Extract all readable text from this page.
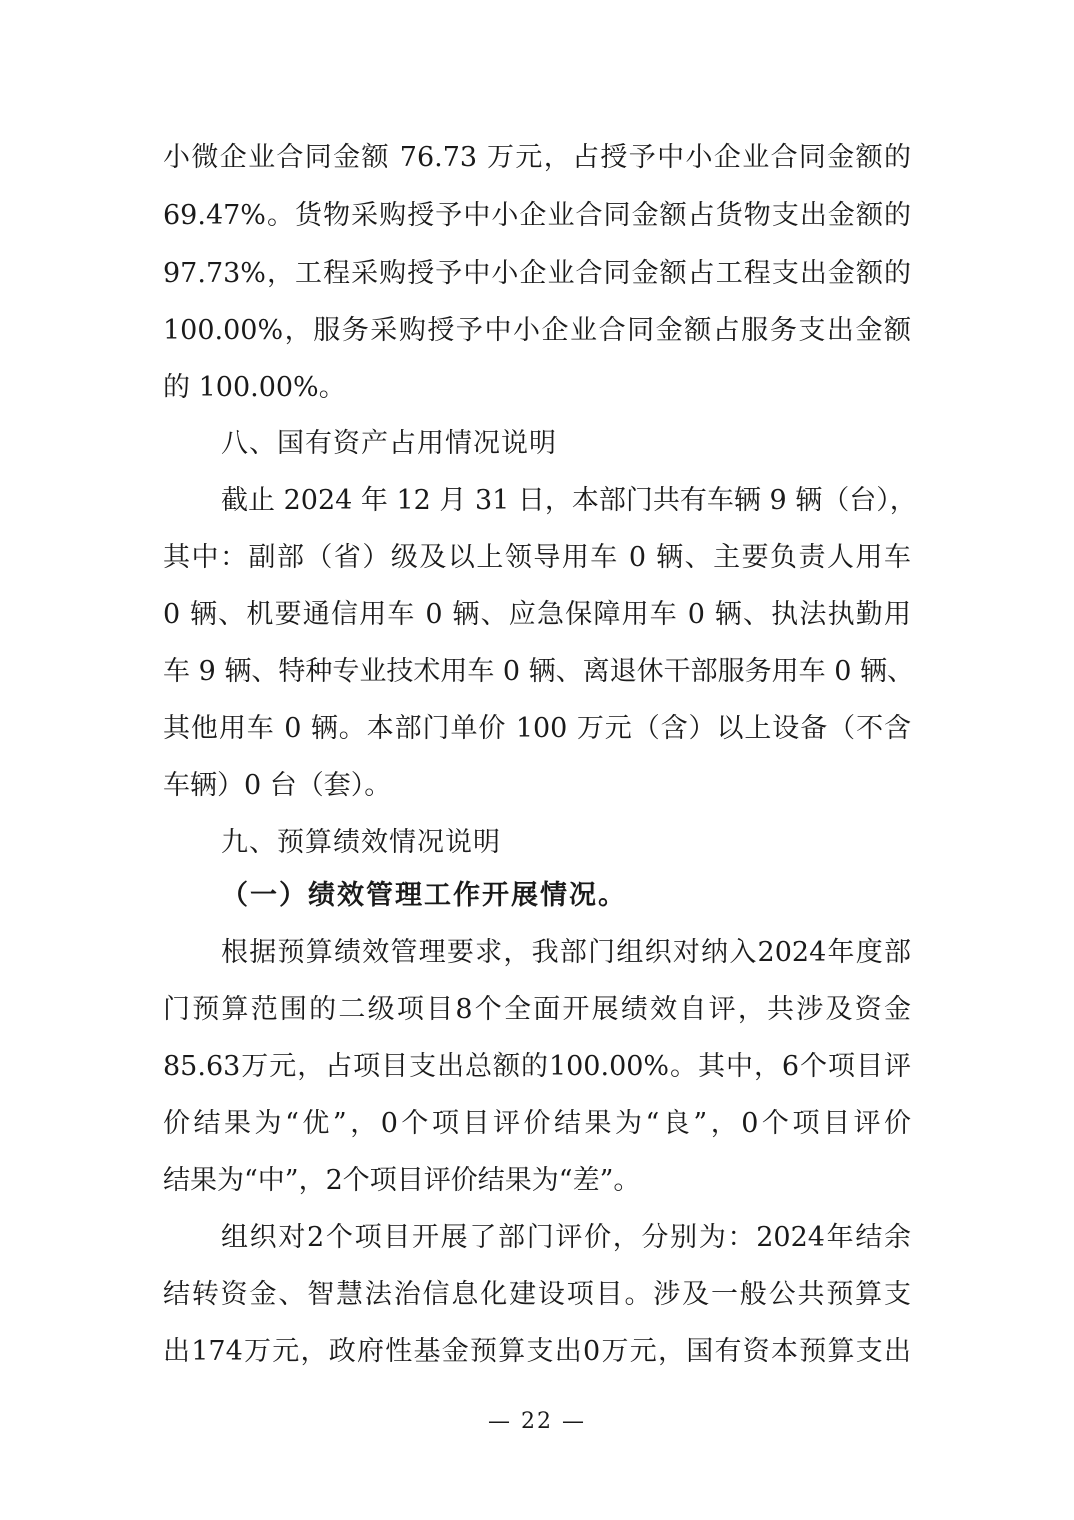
小微企业合同金额 76.73 万元，占授予中小企业合同金额的
69.47%。货物采购授予中小企业合同金额占货物支出金额的
97.73%，工程采购授予中小企业合同金额占工程支出金额的
100.00%，服务采购授予中小企业合同金额占服务支出金额
的 100.00%。
八、国有资产占用情况说明
截止 2024 年 12 月 31 日，本部门共有车辆 9 辆（台），
其中：副部（省）级及以上领导用车 0 辆、主要负责人用车
0 辆、机要通信用车 0 辆、应急保障用车 0 辆、执法执勤用
车 9 辆、特种专业技术用车 0 辆、离退休干部服务用车 0 辆、
其他用车 0 辆。本部门单价 100 万元（含）以上设备（不含
车辆）0 台（套）。
九、预算绩效情况说明
（一）绩效管理工作开展情况。
根据预算绩效管理要求，我部门组织对纳入2024年度部
门预算范围的二级项目8个全面开展绩效自评，共涉及资金
85.63万元，占项目支出总额的100.00%。其中，6个项目评
价结果为“优”，0个项目评价结果为“良”，0个项目评价
结果为“中”，2个项目评价结果为“差”。
组织对2个项目开展了部门评价，分别为：2024年结余
结转资金、智慧法治信息化建设项目。涉及一般公共预算支
出174万元，政府性基金预算支出0万元，国有资本预算支出
— 22 —
